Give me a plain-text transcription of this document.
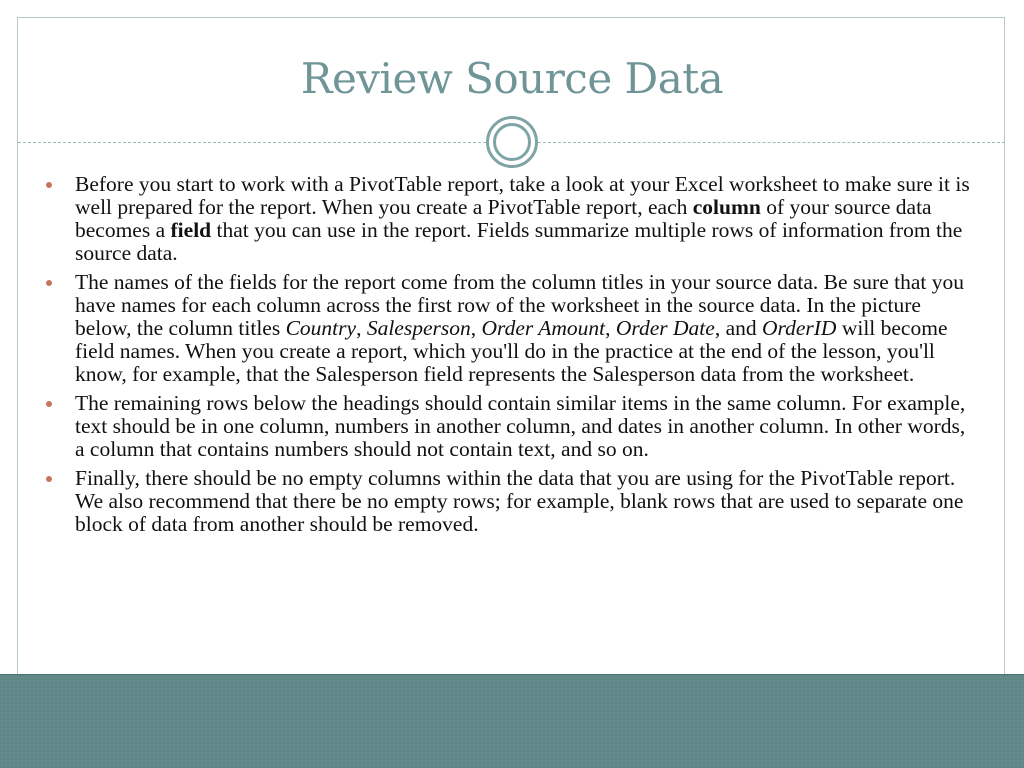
Review Source Data
Before you start to work with a PivotTable report, take a look at your Excel worksheet to make sure it is well prepared for the report. When you create a PivotTable report, each column of your source data becomes a field that you can use in the report. Fields summarize multiple rows of information from the source data.
The names of the fields for the report come from the column titles in your source data. Be sure that you have names for each column across the first row of the worksheet in the source data. In the picture below, the column titles Country, Salesperson, Order Amount, Order Date, and OrderID will become field names. When you create a report, which you'll do in the practice at the end of the lesson, you'll know, for example, that the Salesperson field represents the Salesperson data from the worksheet.
The remaining rows below the headings should contain similar items in the same column. For example, text should be in one column, numbers in another column, and dates in another column. In other words, a column that contains numbers should not contain text, and so on.
Finally, there should be no empty columns within the data that you are using for the PivotTable report. We also recommend that there be no empty rows; for example, blank rows that are used to separate one block of data from another should be removed.
